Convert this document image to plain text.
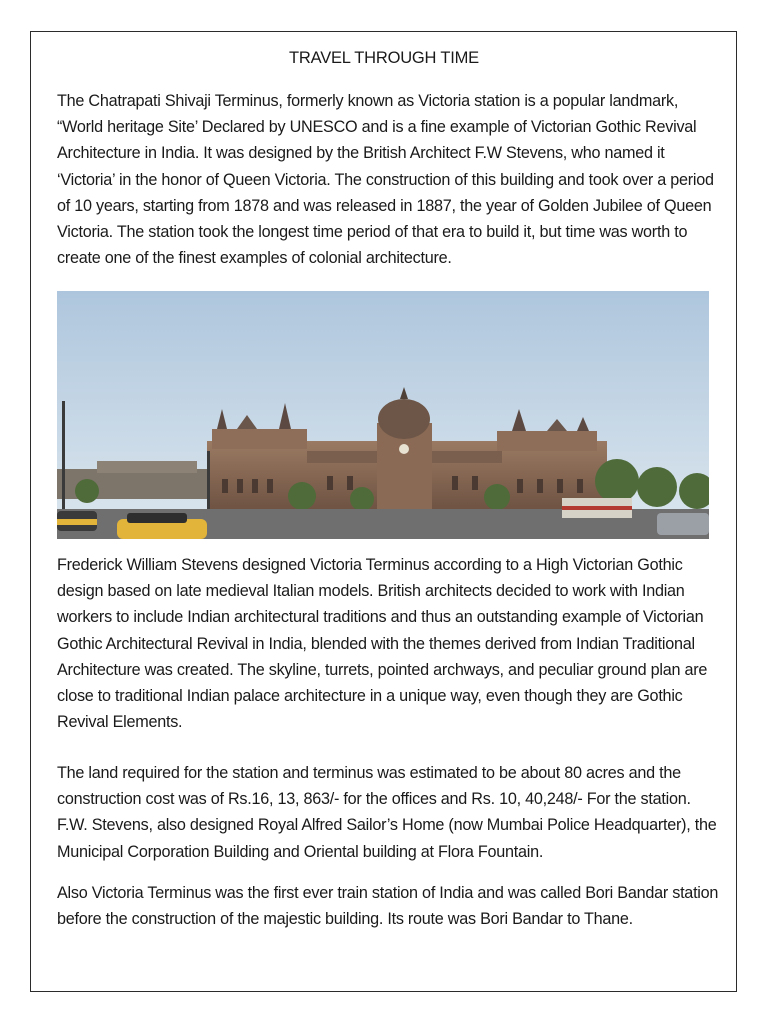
TRAVEL THROUGH TIME

The Chatrapati Shivaji Terminus, formerly known as Victoria station is a popular landmark, “World heritage Site’ Declared by UNESCO and is a fine example of Victorian Gothic Revival Architecture in India. It was designed by the British Architect F.W Stevens, who named it ‘Victoria’ in the honor of Queen Victoria. The construction of this building and took over a period of 10 years, starting from 1878 and was released in 1887, the year of Golden Jubilee of Queen Victoria. The station took the longest time period of that era to build it, but time was worth to create one of the finest examples of colonial architecture.

Frederick William Stevens designed Victoria Terminus according to a High Victorian Gothic design based on late medieval Italian models. British architects decided to work with Indian workers to include Indian architectural traditions and thus an outstanding example of Victorian Gothic Architectural Revival in India, blended with the themes derived from Indian Traditional Architecture was created. The skyline, turrets, pointed archways, and peculiar ground plan are close to traditional Indian palace architecture in a unique way, even though they are Gothic Revival Elements.

The land required for the station and terminus was estimated to be about 80 acres and the construction cost was of Rs.16, 13, 863/- for the offices and Rs. 10, 40,248/- For the station. F.W. Stevens, also designed Royal Alfred Sailor’s Home (now Mumbai Police Headquarter), the Municipal Corporation Building and Oriental building at Flora Fountain.

Also Victoria Terminus was the first ever train station of India and was called Bori Bandar station before the construction of the majestic building. Its route was Bori Bandar to Thane.
